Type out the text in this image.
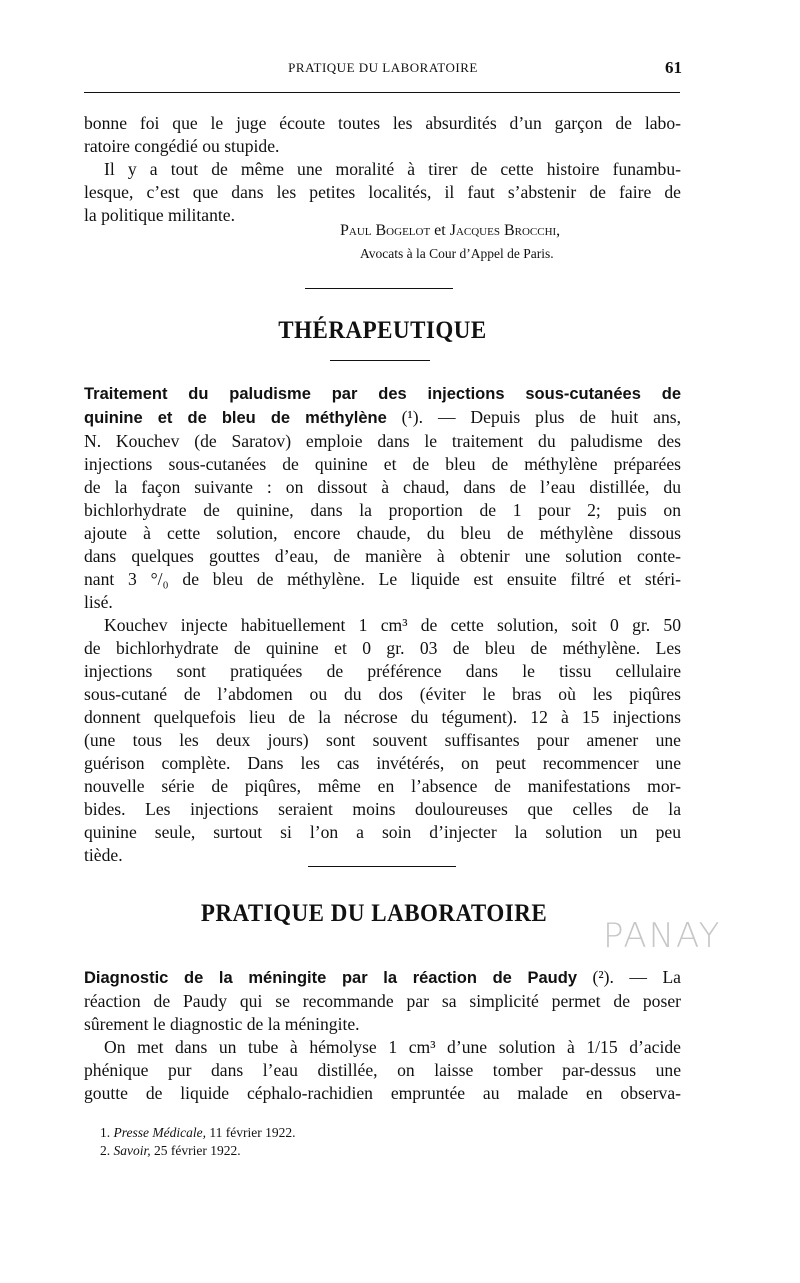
PRATIQUE DU LABORATOIRE	61

bonne foi que le juge écoute toutes les absurdités d’un garçon de labo-

ratoire congédié ou stupide.

Il y a tout de même une moralité à tirer de cette histoire funambu-

lesque, c’est que dans les petites localités, il faut s’abstenir de faire de

la politique militante.

Paul Bogelot et Jacques Brocchi,
Avocats à la Cour d’Appel de Paris.
THÉRAPEUTIQUE

Traitement du paludisme par des injections sous-cutanées de

quinine et de bleu de méthylène (¹). — Depuis plus de huit ans,

N. Kouchev (de Saratov) emploie dans le traitement du paludisme des

injections sous-cutanées de quinine et de bleu de méthylène préparées

de la façon suivante : on dissout à chaud, dans de l’eau distillée, du

bichlorhydrate de quinine, dans la proportion de 1 pour 2; puis on

ajoute à cette solution, encore chaude, du bleu de méthylène dissous

dans quelques gouttes d’eau, de manière à obtenir une solution conte-

nant 3 °/₀ de bleu de méthylène. Le liquide est ensuite filtré et stéri-

lisé.

Kouchev injecte habituellement 1 cm³ de cette solution, soit 0 gr. 50

de bichlorhydrate de quinine et 0 gr. 03 de bleu de méthylène. Les

injections sont pratiquées de préférence dans le tissu cellulaire

sous-cutané de l’abdomen ou du dos (éviter le bras où les piqûres

donnent quelquefois lieu de la nécrose du tégument). 12 à 15 injections

(une tous les deux jours) sont souvent suffisantes pour amener une

guérison complète. Dans les cas invétérés, on peut recommencer une

nouvelle série de piqûres, même en l’absence de manifestations mor-

bides. Les injections seraient moins douloureuses que celles de la

quinine seule, surtout si l’on a soin d’injecter la solution un peu

tiède.

PRATIQUE DU LABORATOIRE
PANAY

Diagnostic de la méningite par la réaction de Paudy (²). — La

réaction de Paudy qui se recommande par sa simplicité permet de poser

sûrement le diagnostic de la méningite.

On met dans un tube à hémolyse 1 cm³ d’une solution à 1/15 d’acide

phénique pur dans l’eau distillée, on laisse tomber par-dessus une

goutte de liquide céphalo-rachidien empruntée au malade en observa-

1. Presse Médicale, 11 février 1922.
2. Savoir, 25 février 1922.
